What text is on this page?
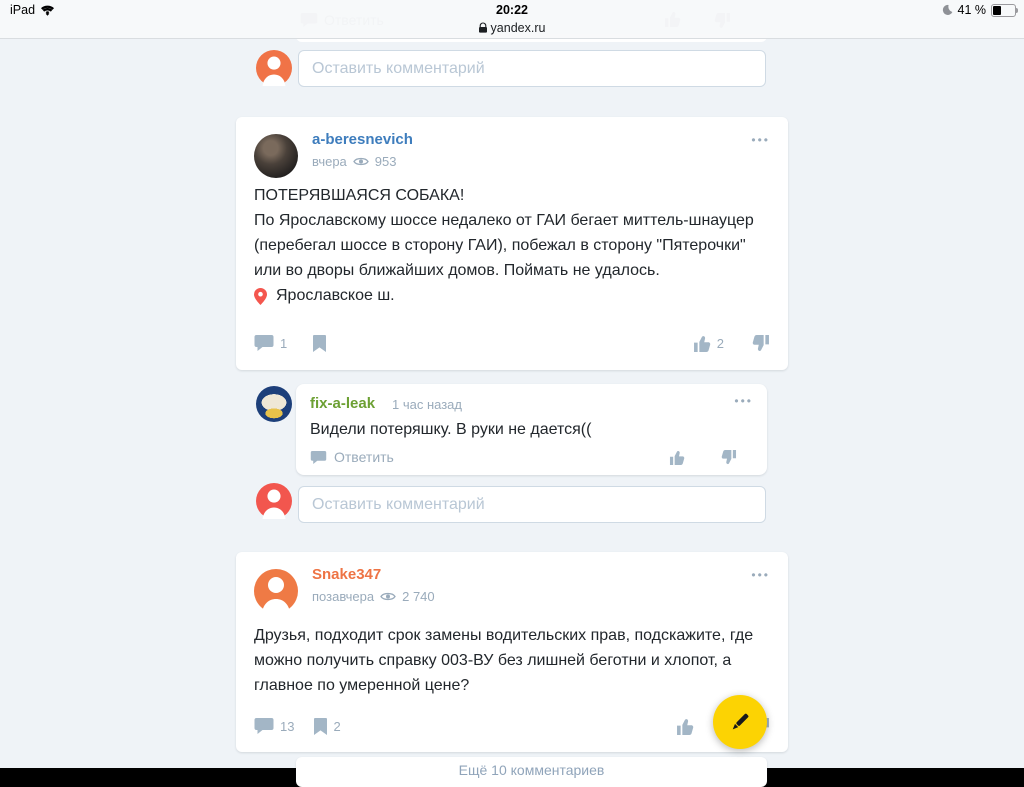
iPad	20:22	41 %
yandex.ru
Оставить комментарий
a-beresnevich
вчера 953
•••
ПОТЕРЯВШАЯСЯ СОБАКА!
По Ярославскому шоссе недалеко от ГАИ бегает миттель-шнауцер (перебегал шоссе в сторону ГАИ), побежал в сторону "Пятерочки" или во дворы ближайших домов. Поймать не удалось.
Ярославское ш.
1	2
fix-a-leak 1 час назад	•••
Видели потеряшку. В руки не дается((
Ответить
Оставить комментарий
Snake347
позавчера 2 740
•••
Друзья, подходит срок замены водительских прав, подскажите, где можно получить справку 003-ВУ без лишней беготни и хлопот, а главное по умеренной цене?
13	2
Ещё 10 комментариев
